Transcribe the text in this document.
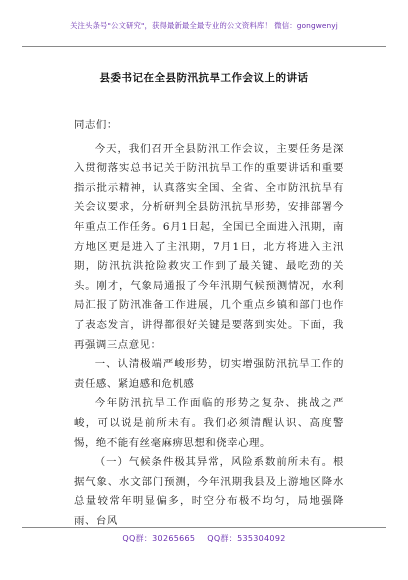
关注头条号"公文研究"，获得最新最全最专业的公文资料库！ 微信：gongwenyj
县委书记在全县防汛抗旱工作会议上的讲话

同志们：

今天，我们召开全县防汛工作会议，主要任务是深入贯彻落实总书记关于防汛抗旱工作的重要讲话和重要指示批示精神，认真落实全国、全省、全市防汛抗旱有关会议要求，分析研判全县防汛抗旱形势，安排部署今年重点工作任务。6月1日起，全国已全面进入汛期，南方地区更是进入了主汛期，7月1日，北方将进入主汛期，防汛抗洪抢险救灾工作到了最关键、最吃劲的关头。刚才，气象局通报了今年汛期气候预测情况，水利局汇报了防汛准备工作进展，几个重点乡镇和部门也作了表态发言，讲得都很好关键是要落到实处。下面，我再强调三点意见：

一、认清极端严峻形势，切实增强防汛抗旱工作的责任感、紧迫感和危机感

今年防汛抗旱工作面临的形势之复杂、挑战之严峻，可以说是前所未有。我们必须清醒认识、高度警惕，绝不能有丝毫麻痹思想和侥幸心理。

（一）气候条件极其异常，风险系数前所未有。根据气象、水文部门预测，今年汛期我县及上游地区降水总量较常年明显偏多，时空分布极不均匀，局地强降雨、台风

QQ群：30265665 QQ群：535304092
